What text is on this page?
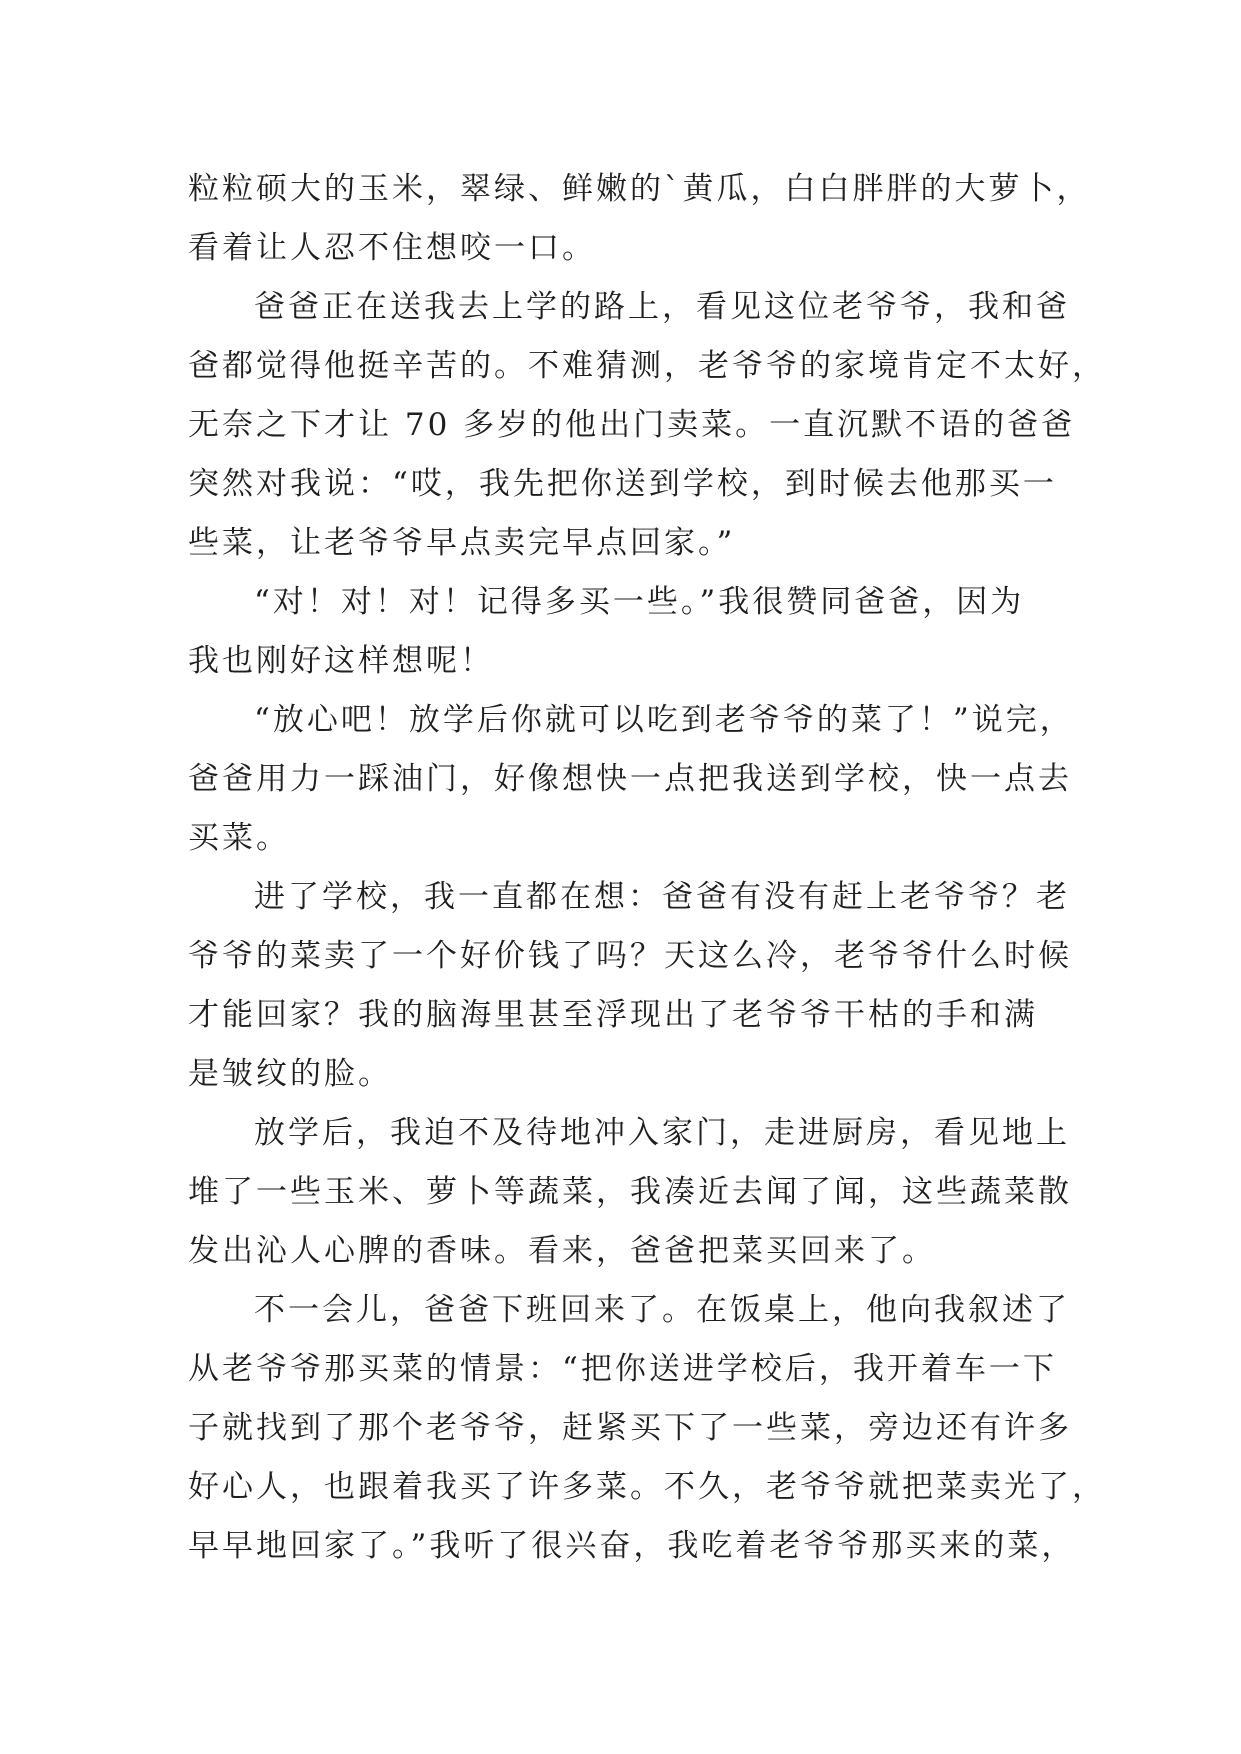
粒粒硕大的玉米，翠绿、鲜嫩的`黄瓜，白白胖胖的大萝卜，
看着让人忍不住想咬一口。
爸爸正在送我去上学的路上，看见这位老爷爷，我和爸
爸都觉得他挺辛苦的。不难猜测，老爷爷的家境肯定不太好，
无奈之下才让 70 多岁的他出门卖菜。一直沉默不语的爸爸
突然对我说：“哎，我先把你送到学校，到时候去他那买一
些菜，让老爷爷早点卖完早点回家。”
“对！对！对！记得多买一些。”我很赞同爸爸，因为
我也刚好这样想呢！
“放心吧！放学后你就可以吃到老爷爷的菜了！”说完，
爸爸用力一踩油门，好像想快一点把我送到学校，快一点去
买菜。
进了学校，我一直都在想：爸爸有没有赶上老爷爷？老
爷爷的菜卖了一个好价钱了吗？天这么冷，老爷爷什么时候
才能回家？我的脑海里甚至浮现出了老爷爷干枯的手和满
是皱纹的脸。
放学后，我迫不及待地冲入家门，走进厨房，看见地上
堆了一些玉米、萝卜等蔬菜，我凑近去闻了闻，这些蔬菜散
发出沁人心脾的香味。看来，爸爸把菜买回来了。
不一会儿，爸爸下班回来了。在饭桌上，他向我叙述了
从老爷爷那买菜的情景：“把你送进学校后，我开着车一下
子就找到了那个老爷爷，赶紧买下了一些菜，旁边还有许多
好心人，也跟着我买了许多菜。不久，老爷爷就把菜卖光了，
早早地回家了。”我听了很兴奋，我吃着老爷爷那买来的菜，
